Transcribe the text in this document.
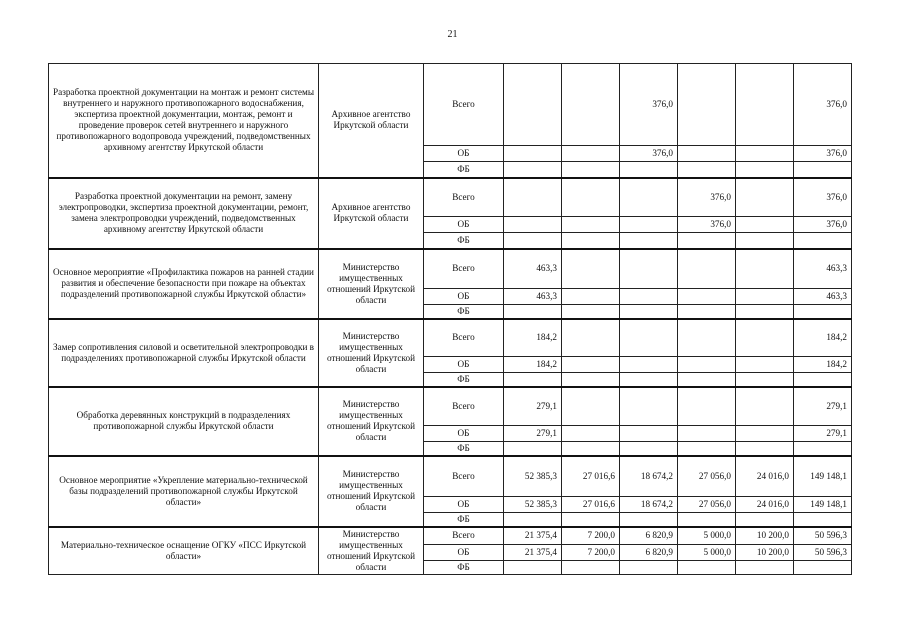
21
Разработка проектной документации на монтаж и ремонт системы внутреннего и наружного противопожарного водоснабжения, экспертиза проектной документации, монтаж, ремонт и проведение проверок сетей внутреннего и наружного противопожарного водопровода учреждений, подведомственных архивному агентству Иркутской области	Архивное агентство Иркутской области	Всего			376,0			376,0
		ОБ			376,0			376,0
		ФБ						
Разработка проектной документации на ремонт, замену электропроводки, экспертиза проектной документации, ремонт, замена электропроводки учреждений, подведомственных архивному агентству Иркутской области	Архивное агентство Иркутской области	Всего				376,0		376,0
		ОБ				376,0		376,0
		ФБ						
Основное мероприятие «Профилактика пожаров на ранней стадии развития и обеспечение безопасности при пожаре на объектах подразделений противопожарной службы Иркутской области»	Министерство имущественных отношений Иркутской области	Всего	463,3					463,3
		ОБ	463,3					463,3
		ФБ						
Замер сопротивления силовой и осветительной электропроводки в подразделениях противопожарной службы Иркутской области	Министерство имущественных отношений Иркутской области	Всего	184,2					184,2
		ОБ	184,2					184,2
		ФБ						
Обработка деревянных конструкций в подразделениях противопожарной службы Иркутской области	Министерство имущественных отношений Иркутской области	Всего	279,1					279,1
		ОБ	279,1					279,1
		ФБ						
Основное мероприятие «Укрепление материально-технической базы подразделений противопожарной службы Иркутской области»	Министерство имущественных отношений Иркутской области	Всего	52 385,3	27 016,6	18 674,2	27 056,0	24 016,0	149 148,1
		ОБ	52 385,3	27 016,6	18 674,2	27 056,0	24 016,0	149 148,1
		ФБ						
Материально-техническое оснащение ОГКУ «ПСС Иркутской области»	Министерство имущественных отношений Иркутской области	Всего	21 375,4	7 200,0	6 820,9	5 000,0	10 200,0	50 596,3
		ОБ	21 375,4	7 200,0	6 820,9	5 000,0	10 200,0	50 596,3
		ФБ						
